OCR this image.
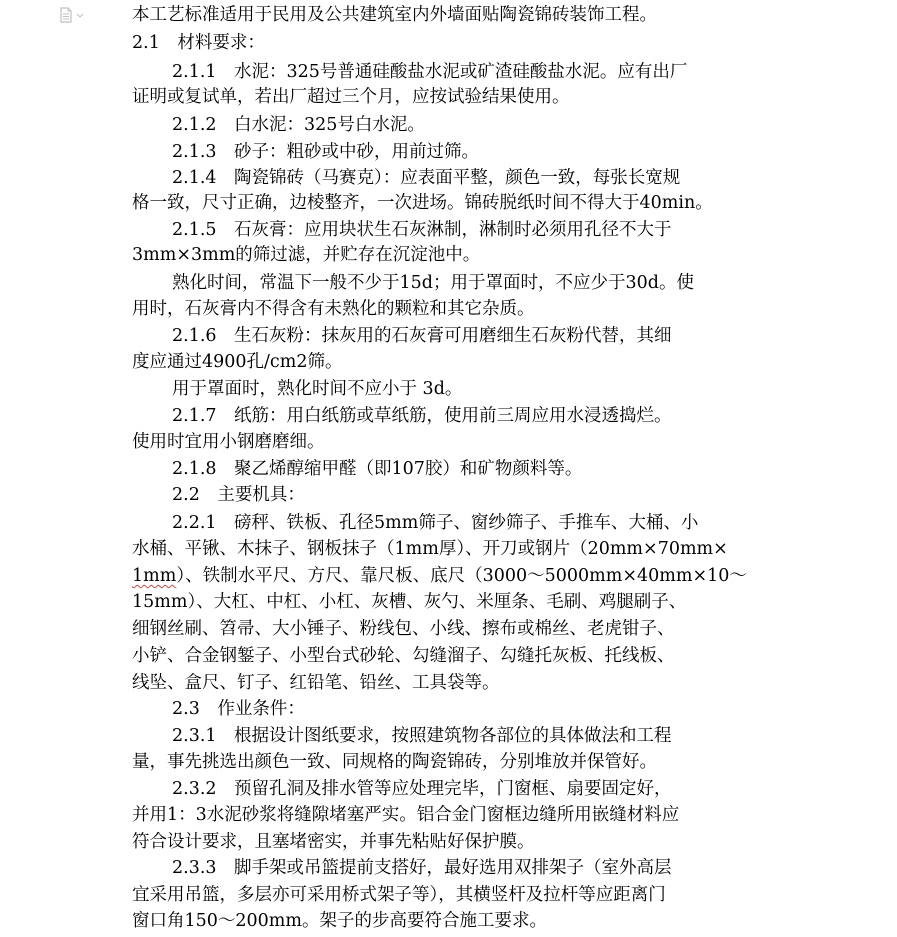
本工艺标准适用于民用及公共建筑室内外墙面贴陶瓷锦砖装饰工程。
2.1　材料要求：
2.1.1　水泥：325号普通硅酸盐水泥或矿渣硅酸盐水泥。应有出厂
证明或复试单，若出厂超过三个月，应按试验结果使用。
2.1.2　白水泥：325号白水泥。
2.1.3　砂子：粗砂或中砂，用前过筛。
2.1.4　陶瓷锦砖（马赛克）：应表面平整，颜色一致，每张长宽规
格一致，尺寸正确，边棱整齐，一次进场。锦砖脱纸时间不得大于40min。
2.1.5　石灰膏：应用块状生石灰淋制，淋制时必须用孔径不大于
3mm×3mm的筛过滤，并贮存在沉淀池中。
熟化时间，常温下一般不少于15d；用于罩面时，不应少于30d。使
用时，石灰膏内不得含有未熟化的颗粒和其它杂质。
2.1.6　生石灰粉：抹灰用的石灰膏可用磨细生石灰粉代替，其细
度应通过4900孔/cm2筛。
用于罩面时，熟化时间不应小于 3d。
2.1.7　纸筋：用白纸筋或草纸筋，使用前三周应用水浸透捣烂。
使用时宜用小钢磨磨细。
2.1.8　聚乙烯醇缩甲醛（即107胶）和矿物颜料等。
2.2　主要机具：
2.2.1　磅秤、铁板、孔径5mm筛子、窗纱筛子、手推车、大桶、小
水桶、平锹、木抹子、钢板抹子（1mm厚）、开刀或钢片（20mm×70mm×
1mm ）、铁制水平尺、方尺、靠尺板、底尺（3000～5000mm×40mm×10～
15mm）、大杠、中杠、小杠、灰槽、灰勺、米厘条、毛刷、鸡腿刷子、
细钢丝刷、笤帚、大小锤子、粉线包、小线、擦布或棉丝、老虎钳子、
小铲、合金钢錾子、小型台式砂轮、勾缝溜子、勾缝托灰板、托线板、
线坠、盒尺、钉子、红铅笔、铅丝、工具袋等。
2.3　作业条件：
2.3.1　根据设计图纸要求，按照建筑物各部位的具体做法和工程
量，事先挑选出颜色一致、同规格的陶瓷锦砖，分别堆放并保管好。
2.3.2　预留孔洞及排水管等应处理完毕，门窗框、扇要固定好，
并用1：3水泥砂浆将缝隙堵塞严实。铝合金门窗框边缝所用嵌缝材料应
符合设计要求，且塞堵密实，并事先粘贴好保护膜。
2.3.3　脚手架或吊篮提前支搭好，最好选用双排架子（室外高层
宜采用吊篮，多层亦可采用桥式架子等），其横竖杆及拉杆等应距离门
窗口角150～200mm。架子的步高要符合施工要求。
